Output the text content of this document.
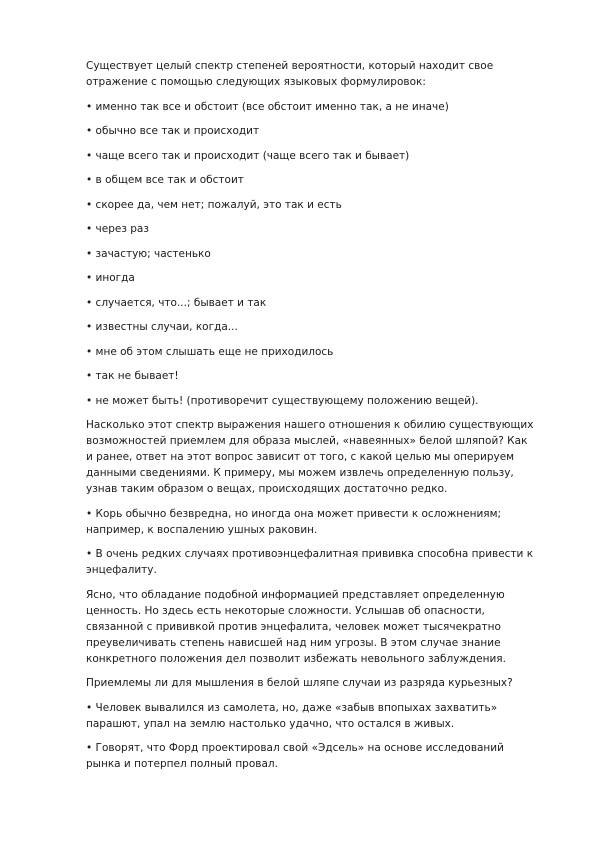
Существует целый спектр степеней вероятности, который находит свое отражение с помощью следующих языковых формулировок:

• именно так все и обстоит (все обстоит именно так, а не иначе)

• обычно все так и происходит

• чаще всего так и происходит (чаще всего так и бывает)

• в общем все так и обстоит

• скорее да, чем нет; пожалуй, это так и есть

• через раз

• зачастую; частенько

• иногда

• случается, что...; бывает и так

• известны случаи, когда...

• мне об этом слышать еще не приходилось

• так не бывает!

• не может быть! (противоречит существующему положению вещей).

Насколько этот спектр выражения нашего отношения к обилию существующих возможностей приемлем для образа мыслей, «навеянных» белой шляпой? Как и ранее, ответ на этот вопрос зависит от того, с какой целью мы оперируем данными сведениями. К примеру, мы можем извлечь определенную пользу, узнав таким образом о вещах, происходящих достаточно редко.

• Корь обычно безвредна, но иногда она может привести к осложнениям; например, к воспалению ушных раковин.

• В очень редких случаях противоэнцефалитная прививка способна привести к энцефалиту.

Ясно, что обладание подобной информацией представляет определенную ценность. Но здесь есть некоторые сложности. Услышав об опасности, связанной с прививкой против энцефалита, человек может тысячекратно преувеличивать степень нависшей над ним угрозы. В этом случае знание конкретного положения дел позволит избежать невольного заблуждения.

Приемлемы ли для мышления в белой шляпе случаи из разряда курьезных?

• Человек вывалился из самолета, но, даже «забыв впопыхах захватить» парашют, упал на землю настолько удачно, что остался в живых.

• Говорят, что Форд проектировал свой «Эдсель» на основе исследований рынка и потерпел полный провал.
